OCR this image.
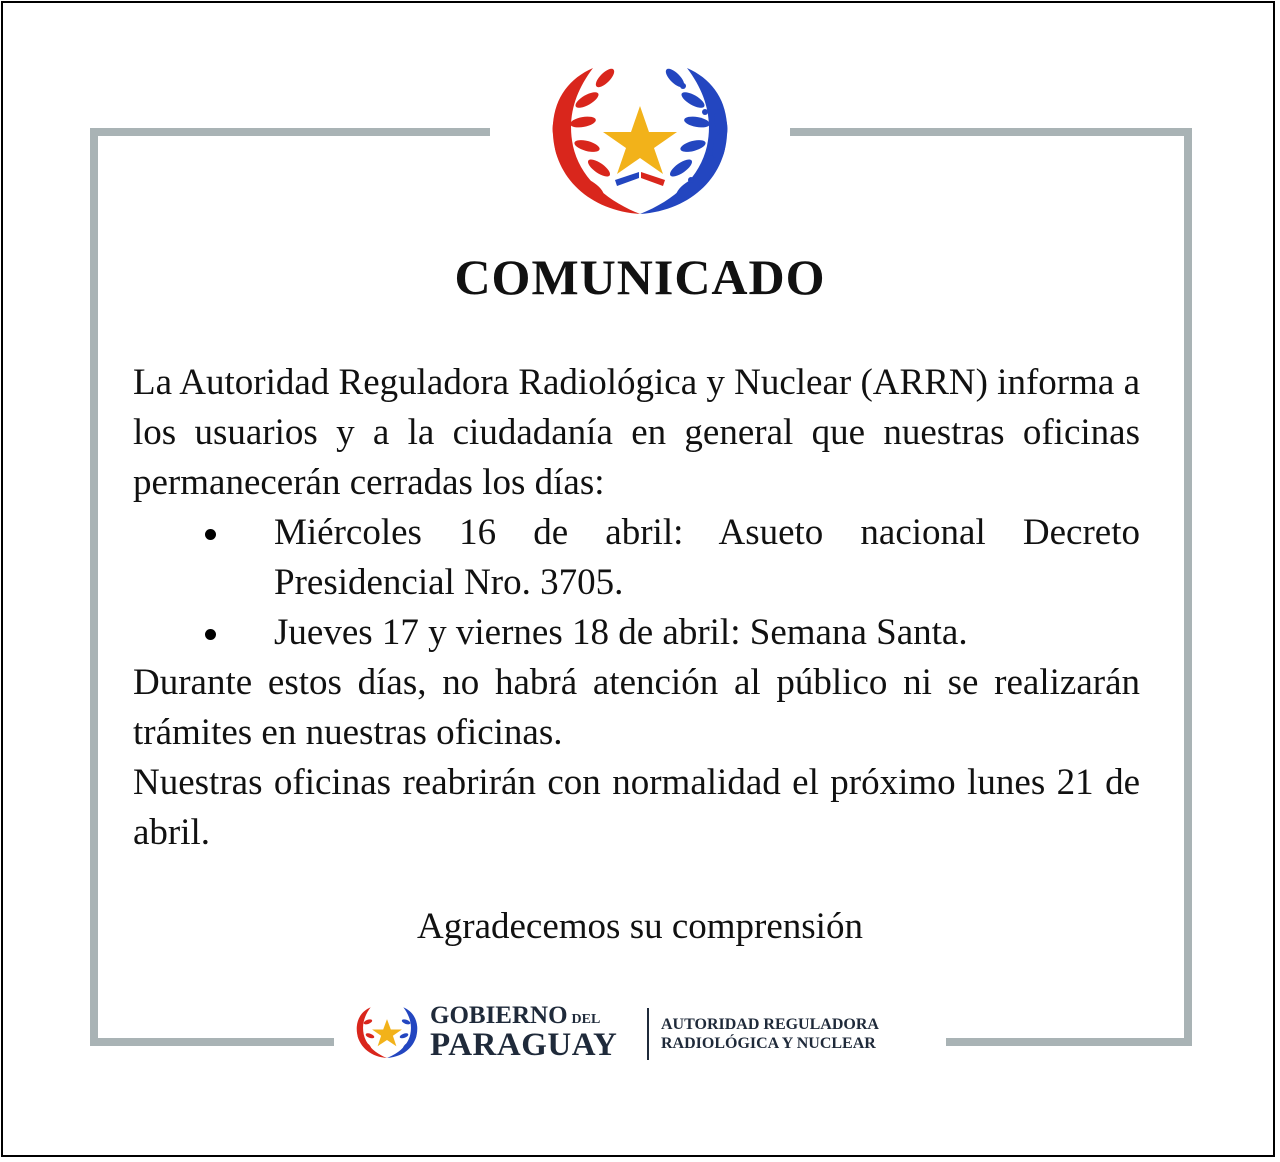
COMUNICADO

La Autoridad Reguladora Radiológica y Nuclear (ARRN) informa a los usuarios y a la ciudadanía en general que nuestras oficinas permanecerán cerradas los días:

Miércoles 16 de abril: Asueto nacional Decreto Presidencial Nro. 3705.
Jueves 17 y viernes 18 de abril: Semana Santa.

Durante estos días, no habrá atención al público ni se realizarán trámites en nuestras oficinas.

Nuestras oficinas reabrirán con normalidad el próximo lunes 21 de abril.

Agradecemos su comprensión
GOBIERNO DEL
PARAGUAY
AUTORIDAD REGULADORA
RADIOLÓGICA Y NUCLEAR
